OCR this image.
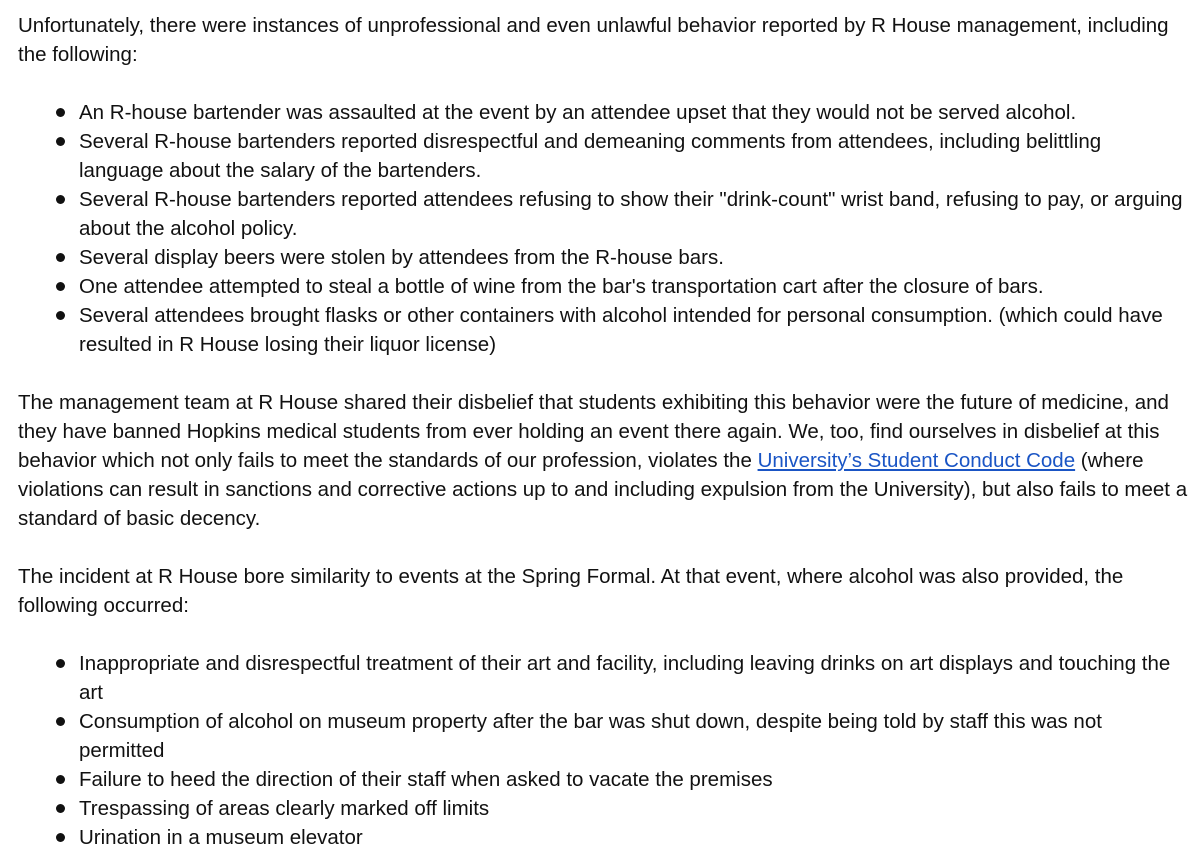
Unfortunately, there were instances of unprofessional and even unlawful behavior reported by R House management, including the following:

An R-house bartender was assaulted at the event by an attendee upset that they would not be served alcohol.
Several R-house bartenders reported disrespectful and demeaning comments from attendees, including belittling language about the salary of the bartenders.
Several R-house bartenders reported attendees refusing to show their "drink-count" wrist band, refusing to pay, or arguing about the alcohol policy.
Several display beers were stolen by attendees from the R-house bars.
One attendee attempted to steal a bottle of wine from the bar's transportation cart after the closure of bars.
Several attendees brought flasks or other containers with alcohol intended for personal consumption. (which could have resulted in R House losing their liquor license)

The management team at R House shared their disbelief that students exhibiting this behavior were the future of medicine, and they have banned Hopkins medical students from ever holding an event there again. We, too, find ourselves in disbelief at this behavior which not only fails to meet the standards of our profession, violates the University’s Student Conduct Code (where violations can result in sanctions and corrective actions up to and including expulsion from the University), but also fails to meet a standard of basic decency.

The incident at R House bore similarity to events at the Spring Formal. At that event, where alcohol was also provided, the following occurred:

Inappropriate and disrespectful treatment of their art and facility, including leaving drinks on art displays and touching the art
Consumption of alcohol on museum property after the bar was shut down, despite being told by staff this was not permitted
Failure to heed the direction of their staff when asked to vacate the premises
Trespassing of areas clearly marked off limits
Urination in a museum elevator
